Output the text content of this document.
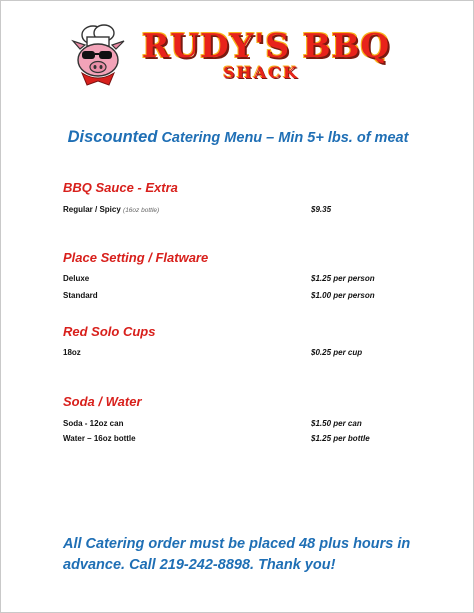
RUDY'S BBQ
SHACK
Discounted Catering Menu – Min 5+ lbs. of meat
BBQ Sauce - Extra
Regular / Spicy (16oz bottle)	$9.35
Place Setting / Flatware
Deluxe	$1.25 per person
Standard	$1.00 per person
Red Solo Cups
18oz	$0.25 per cup
Soda / Water
Soda - 12oz can	$1.50 per can
Water – 16oz bottle	$1.25 per bottle
All Catering order must be placed 48 plus hours in
advance. Call 219-242-8898. Thank you!
